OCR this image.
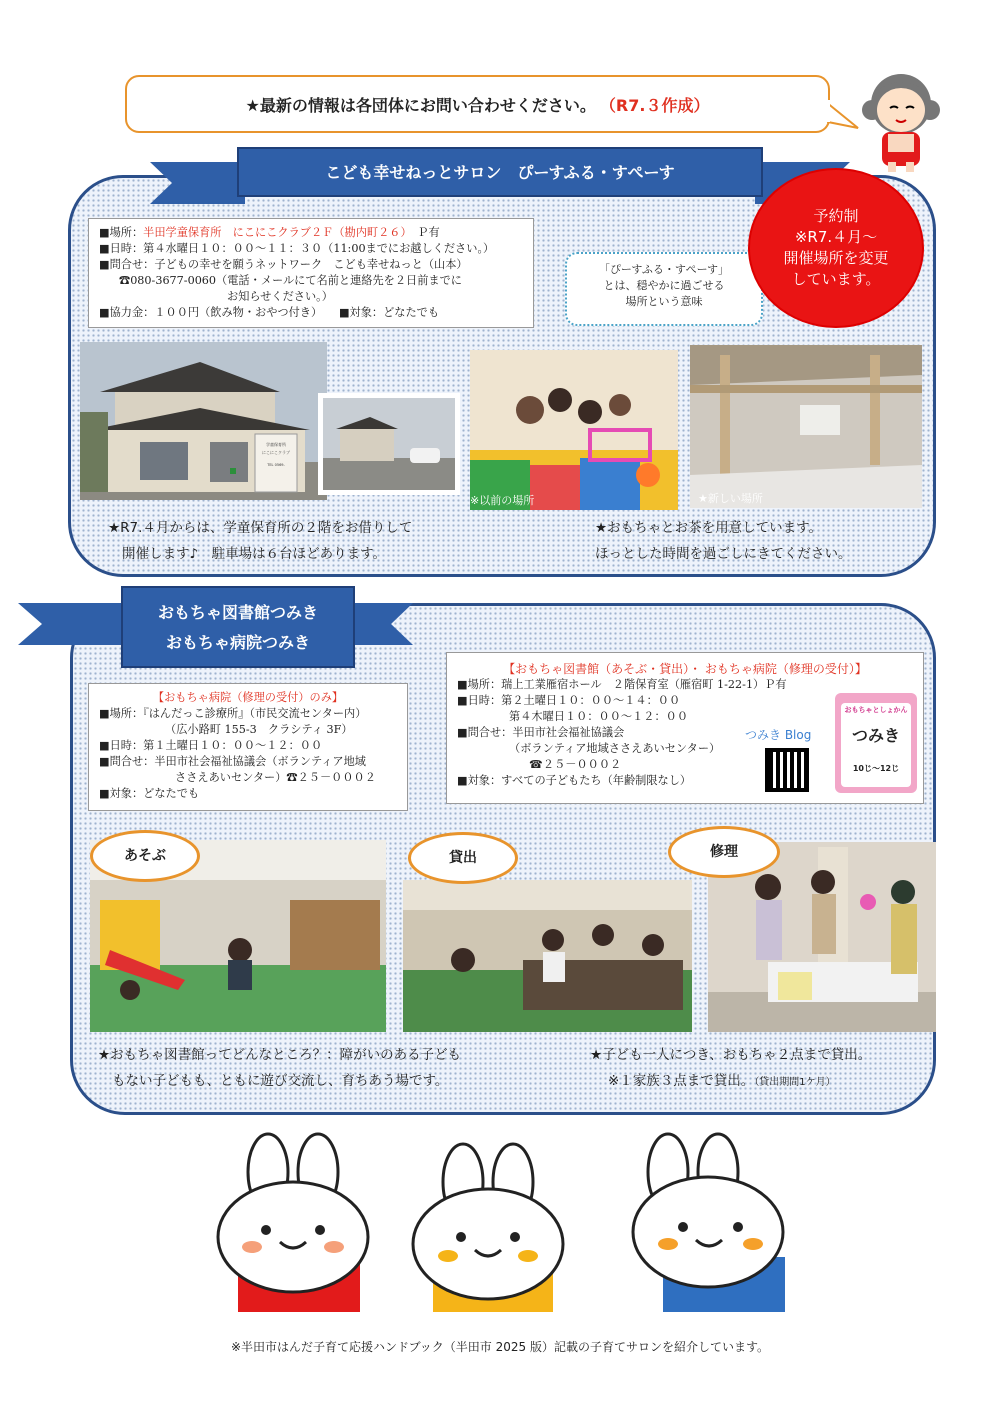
★最新の情報は各団体にお問い合わせください。 （R7.３作成）
こども幸せねっとサロン　ぴーすふる・すぺーす
■場所：半田学童保育所　にこにこクラブ２Ｆ（勘内町２６）　 Ｐ有
■日時：第４水曜日１０：００～１１：３０（11:00までにお越しください。）
■問合せ：子どもの幸せを願うネットワーク　こども幸せねっと（山本）
☎080-3677-0060（電話・メールにて名前と連絡先を２日前までに
お知らせください。）
■協力金：１００円（飲み物・おやつ付き）　　 ■対象：どなたでも
「ぴーすふる・すぺーす」
とは、穏やかに過ごせる
場所という意味
予約制
※R7.４月～
開催場所を変更
しています。
学童保育所
にこにこクラブ
TEL 0569-
※以前の場所	★新しい場所
★R7.４月からは、学童保育所の２階をお借りして
開催します♪　駐車場は６台ほどあります。
★おもちゃとお茶を用意しています。
ほっとした時間を過ごしにきてください。
おもちゃ図書館つみき
おもちゃ病院つみき
【おもちゃ病院（修理の受付）のみ】
■場所：『はんだっこ診療所』（市民交流センター内）
（広小路町 155-3　クラシティ 3F）
■日時：第１土曜日１０：００～１２：００
■問合せ：半田市社会福祉協議会（ボランティア地域
ささえあいセンター）☎２５－０００２
■対象：どなたでも
【おもちゃ図書館（あそぶ・貸出）・ おもちゃ病院（修理の受付）】
■場所：瑞上工業雁宿ホール　２階保育室（雁宿町 1-22-1）Ｐ有
■日時：第２土曜日１０：００～１４：００
第４木曜日１０：００～１２：００
■問合せ：半田市社会福祉協議会
（ボランティア地域ささえあいセンター）
☎２５－０００２
■対象：すべての子どもたち（年齢制限なし）
つみき Blog
おもちゃとしょかん
つみき
10じ～12じ
あそぶ	貸出	修理
★おもちゃ図書館ってどんなところ？：障がいのある子ども
もない子どもも、ともに遊び交流し、育ちあう場です。
★子ども一人につき、おもちゃ２点まで貸出。
※１家族３点まで貸出。（貸出期間1ケ月）
※半田市はんだ子育て応援ハンドブック（半田市 2025 版）記載の子育てサロンを紹介しています。
